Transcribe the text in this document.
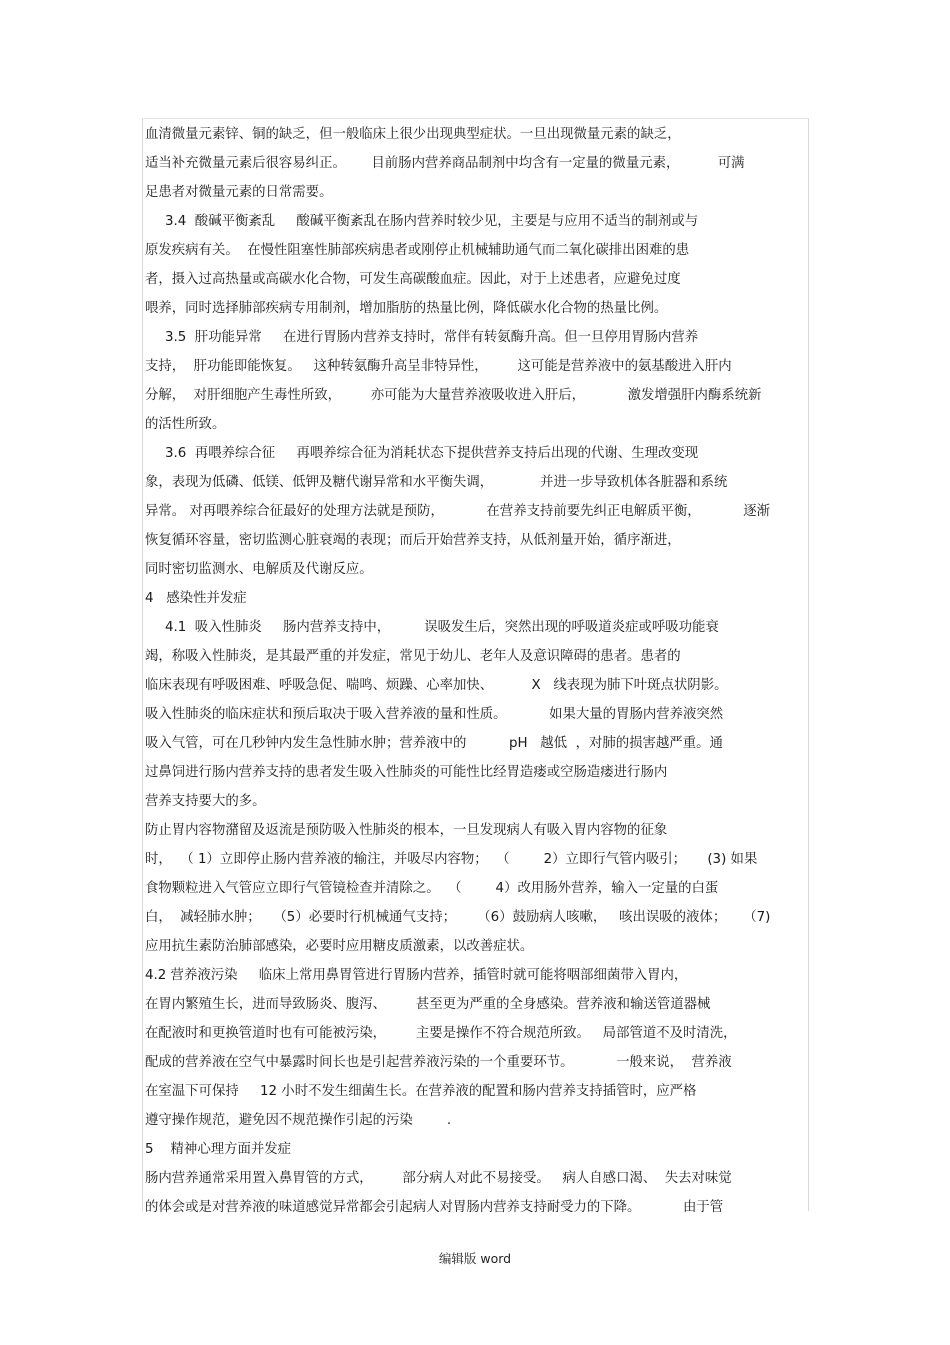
血清微量元素锌、铜的缺乏，但一般临床上很少出现典型症状。一旦出现微量元素的缺乏，
适当补充微量元素后很容易纠正。      目前肠内营养商品制剂中均含有一定量的微量元素，         可满
足患者对微量元素的日常需要。
3.4  酸碱平衡紊乱     酸碱平衡紊乱在肠内营养时较少见，主要是与应用不适当的制剂或与
原发疾病有关。  在慢性阻塞性肺部疾病患者或刚停止机械辅助通气而二氧化碳排出困难的患
者，摄入过高热量或高碳水化合物，可发生高碳酸血症。因此，对于上述患者，应避免过度
喂养，同时选择肺部疾病专用制剂，增加脂肪的热量比例，降低碳水化合物的热量比例。
3.5  肝功能异常     在进行胃肠内营养支持时，常伴有转氨酶升高。但一旦停用胃肠内营养
支持，  肝功能即能恢复。   这种转氨酶升高呈非特异性，       这可能是营养液中的氨基酸进入肝内
分解，  对肝细胞产生毒性所致，       亦可能为大量营养液吸收进入肝后，          激发增强肝内酶系统新
的活性所致。
3.6  再喂养综合征     再喂养综合征为消耗状态下提供营养支持后出现的代谢、生理改变现
象，表现为低磷、低镁、低钾及糖代谢异常和水平衡失调，           并进一步导致机体各脏器和系统
异常。 对再喂养综合征最好的处理方法就是预防，          在营养支持前要先纠正电解质平衡，          逐渐
恢复循环容量，密切监测心脏衰竭的表现；而后开始营养支持，从低剂量开始，循序渐进，
同时密切监测水、电解质及代谢反应。
4   感染性并发症
4.1  吸入性肺炎     肠内营养支持中，        误吸发生后，突然出现的呼吸道炎症或呼吸功能衰
竭，称吸入性肺炎，是其最严重的并发症，常见于幼儿、老年人及意识障碍的患者。患者的
临床表现有呼吸困难、呼吸急促、喘鸣、烦躁、心率加快、         X   线表现为肺下叶斑点状阴影。
吸入性肺炎的临床症状和预后取决于吸入营养液的量和性质。          如果大量的胃肠内营养液突然
吸入气管，可在几秒钟内发生急性肺水肿；营养液中的          pH   越低  ，对肺的损害越严重。通
过鼻饲进行肠内营养支持的患者发生吸入性肺炎的可能性比经胃造瘘或空肠造瘘进行肠内
营养支持要大的多。
防止胃内容物潴留及返流是预防吸入性肺炎的根本，一旦发现病人有吸入胃内容物的征象
时，  （ 1）立即停止肠内营养液的输注，并吸尽内容物；  （        2）立即行气管内吸引；     (3) 如果
食物颗粒进入气管应立即行气管镜检查并清除之。  （        4）改用肠外营养，输入一定量的白蛋
白，  减轻肺水肿；   （5）必要时行机械通气支持；     （6）鼓励病人咳嗽，   咳出误吸的液体；    （7)
应用抗生素防治肺部感染，必要时应用糖皮质激素，以改善症状。
4.2 营养液污染     临床上常用鼻胃管进行胃肠内营养，插管时就可能将咽部细菌带入胃内，
在胃内繁殖生长，进而导致肠炎、腹泻、       甚至更为严重的全身感染。营养液和输送管道器械
在配液时和更换管道时也有可能被污染，       主要是操作不符合规范所致。   局部管道不及时清洗，
配成的营养液在空气中暴露时间长也是引起营养液污染的一个重要环节。          一般来说，  营养液
在室温下可保持     12 小时不发生细菌生长。在营养液的配置和肠内营养支持插管时，应严格
遵守操作规范，避免因不规范操作引起的污染        .
5    精神心理方面并发症
肠内营养通常采用置入鼻胃管的方式，       部分病人对此不易接受。   病人自感口渴、  失去对味觉
的体会或是对营养液的味道感觉异常都会引起病人对胃肠内营养支持耐受力的下降。          由于管
编辑版 word
